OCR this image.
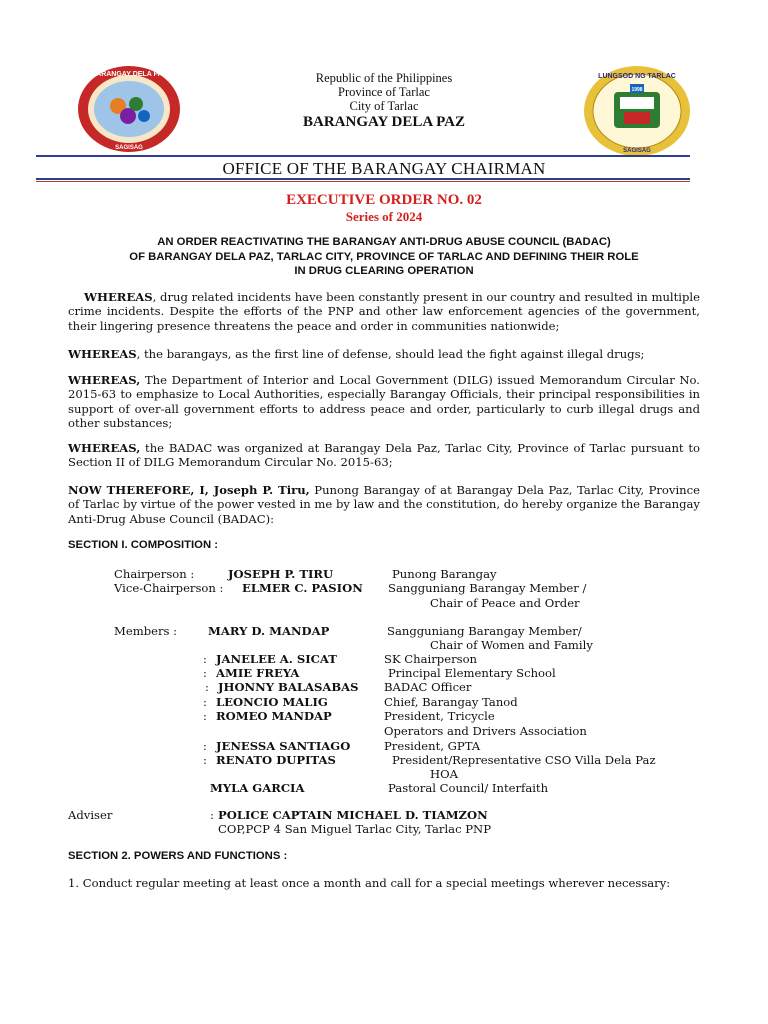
BARANGAY DELA PAZ
SAGISAG
LUNGSOD NG TARLAC
1998
SAGISAG
Republic of the Philippines
Province of Tarlac
City of Tarlac
BARANGAY DELA PAZ
OFFICE OF THE BARANGAY CHAIRMAN
EXECUTIVE ORDER NO. 02
Series of 2024
AN ORDER REACTIVATING THE BARANGAY ANTI-DRUG ABUSE COUNCIL (BADAC)
OF BARANGAY DELA PAZ, TARLAC CITY, PROVINCE OF TARLAC AND DEFINING THEIR ROLE
IN DRUG CLEARING OPERATION
WHEREAS, drug related incidents have been constantly present in our country and resulted in multiple crime incidents. Despite the efforts of the PNP and other law enforcement agencies of the government, their lingering presence threatens the peace and order in communities nationwide;
WHEREAS, the barangays, as the first line of defense, should lead the fight against illegal drugs;
WHEREAS, The Department of Interior and Local Government (DILG) issued Memorandum Circular No. 2015-63 to emphasize to Local Authorities, especially Barangay Officials, their principal responsibilities in support of over-all government efforts to address peace and order, particularly to curb illegal drugs and other substances;
WHEREAS, the BADAC was organized at Barangay Dela Paz, Tarlac City, Province of Tarlac pursuant to Section II of DILG Memorandum Circular No. 2015-63;
NOW THEREFORE, I, Joseph P. Tiru, Punong Barangay of at Barangay Dela Paz, Tarlac City, Province of Tarlac by virtue of the power vested in me by law and the constitution, do hereby organize the Barangay Anti-Drug Abuse Council (BADAC):
SECTION I. COMPOSITION :
Chairperson :	JOSEPH P. TIRU	Punong Barangay
Vice-Chairperson : ELMER C. PASION Sangguniang Barangay Member /
Chair of Peace and Order
Members :	MARY D. MANDAP	Sangguniang Barangay Member/
Chair of Women and Family
: JANELEE A. SICAT	SK Chairperson
: AMIE FREYA	Principal Elementary School
: JHONNY BALASABAS BADAC Officer
: LEONCIO MALIG	Chief, Barangay Tanod
: ROMEO MANDAP	President, Tricycle
Operators and Drivers Association
: JENESSA SANTIAGO	President, GPTA
: RENATO DUPITAS	President/Representative CSO Villa Dela Paz
HOA
MYLA GARCIA	Pastoral Council/ Interfaith
Adviser	: POLICE CAPTAIN MICHAEL D. TIAMZON
COP,PCP 4 San Miguel Tarlac City, Tarlac PNP
SECTION 2. POWERS AND FUNCTIONS :
1. Conduct regular meeting at least once a month and call for a special meetings wherever necessary:
